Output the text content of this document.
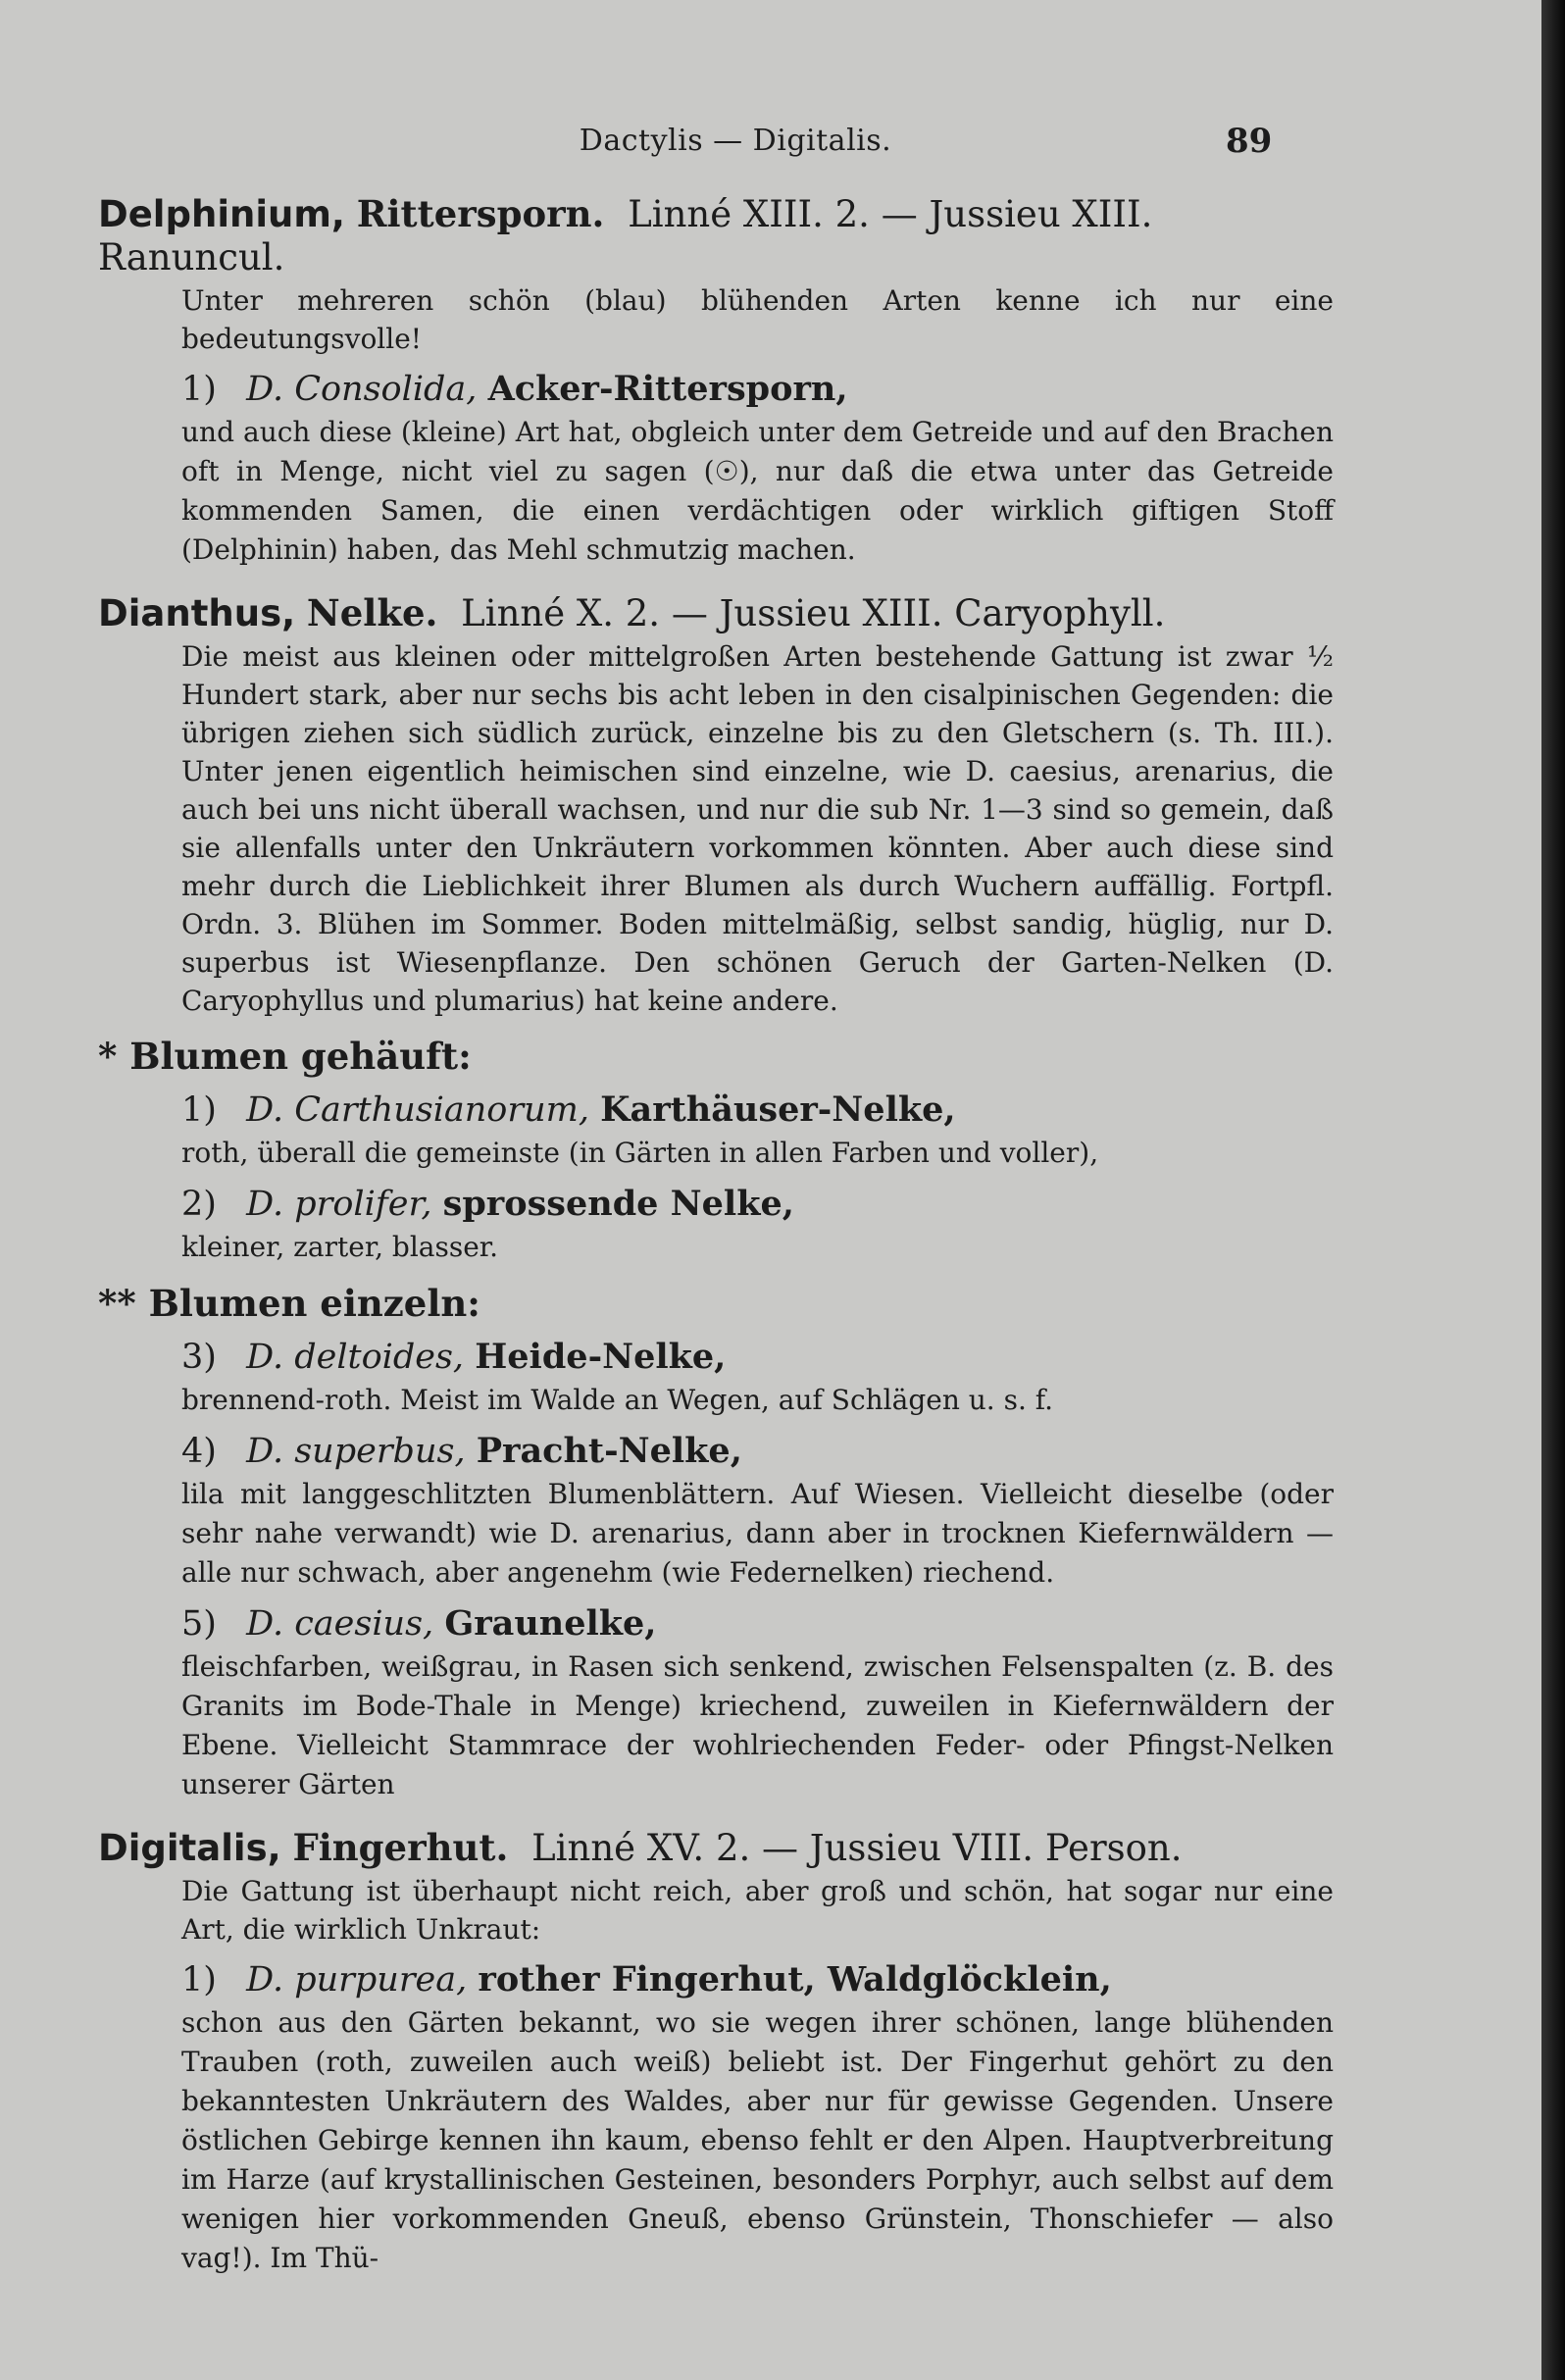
Dactylis — Digitalis.	89
Delphinium, Rittersporn. Linné XIII. 2. — Jussieu XIII. Ranuncul.

Unter mehreren schön (blau) blühenden Arten kenne ich nur eine bedeutungsvolle!

1) D. Consolida, Acker-Rittersporn,

und auch diese (kleine) Art hat, obgleich unter dem Getreide und auf den Brachen oft in Menge, nicht viel zu sagen (☉), nur daß die etwa unter das Getreide kommenden Samen, die einen verdächtigen oder wirklich giftigen Stoff (Delphinin) haben, das Mehl schmutzig machen.

Dianthus, Nelke. Linné X. 2. — Jussieu XIII. Caryophyll.

Die meist aus kleinen oder mittelgroßen Arten bestehende Gattung ist zwar ½ Hundert stark, aber nur sechs bis acht leben in den cisalpinischen Gegenden: die übrigen ziehen sich südlich zurück, einzelne bis zu den Gletschern (s. Th. III.). Unter jenen eigentlich heimischen sind einzelne, wie D. caesius, arenarius, die auch bei uns nicht überall wachsen, und nur die sub Nr. 1—3 sind so gemein, daß sie allenfalls unter den Unkräutern vorkommen könnten. Aber auch diese sind mehr durch die Lieblichkeit ihrer Blumen als durch Wuchern auffällig. Fortpfl. Ordn. 3. Blühen im Sommer. Boden mittelmäßig, selbst sandig, hüglig, nur D. superbus ist Wiesenpflanze. Den schönen Geruch der Garten-Nelken (D. Caryophyllus und plumarius) hat keine andere.

* Blumen gehäuft:
1) D. Carthusianorum, Karthäuser-Nelke,

roth, überall die gemeinste (in Gärten in allen Farben und voller),

2) D. prolifer, sprossende Nelke,

kleiner, zarter, blasser.

** Blumen einzeln:
3) D. deltoides, Heide-Nelke,

brennend-roth. Meist im Walde an Wegen, auf Schlägen u. s. f.

4) D. superbus, Pracht-Nelke,

lila mit langgeschlitzten Blumenblättern. Auf Wiesen. Vielleicht dieselbe (oder sehr nahe verwandt) wie D. arenarius, dann aber in trocknen Kiefernwäldern — alle nur schwach, aber angenehm (wie Federnelken) riechend.

5) D. caesius, Graunelke,

fleischfarben, weißgrau, in Rasen sich senkend, zwischen Felsenspalten (z. B. des Granits im Bode-Thale in Menge) kriechend, zuweilen in Kiefernwäldern der Ebene. Vielleicht Stammrace der wohlriechenden Feder- oder Pfingst-Nelken unserer Gärten

Digitalis, Fingerhut. Linné XV. 2. — Jussieu VIII. Person.

Die Gattung ist überhaupt nicht reich, aber groß und schön, hat sogar nur eine Art, die wirklich Unkraut:

1) D. purpurea, rother Fingerhut, Waldglöcklein,

schon aus den Gärten bekannt, wo sie wegen ihrer schönen, lange blühenden Trauben (roth, zuweilen auch weiß) beliebt ist. Der Fingerhut gehört zu den bekanntesten Unkräutern des Waldes, aber nur für gewisse Gegenden. Unsere östlichen Gebirge kennen ihn kaum, ebenso fehlt er den Alpen. Hauptverbreitung im Harze (auf krystallinischen Gesteinen, besonders Porphyr, auch selbst auf dem wenigen hier vorkommenden Gneuß, ebenso Grünstein, Thonschiefer — also vag!). Im Thü-
